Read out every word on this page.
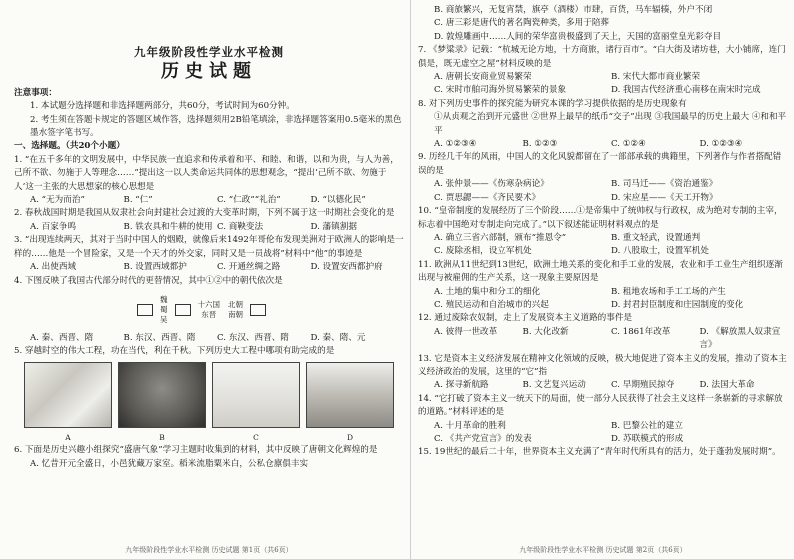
九年级阶段性学业水平检测
历史试题

注意事项：

1. 本试题分选择题和非选择题两部分，共60分，考试时间为60分钟。

2. 考生须在答题卡规定的答题区域作答，选择题须用2B铅笔填涂，非选择题答案用0.5毫米的黑色墨水签字笔书写。

一、选择题。（共20个小题）

1. “在五千多年的文明发展中，中华民族一直追求和传承着和平、和睦、和谐，以和为贵，与人为善，己所不欲、勿施于人等理念……”提出这一以人类命运共同体的思想观念，“提出‘己所不欲、勿施于人’这一主张的大思想家的核心思想是

A. “无为而治”	B. “仁”	C. “仁政”“礼治”	D. “以德化民”

2. 春秋战国时期是我国从奴隶社会向封建社会过渡的大变革时期，下列不属于这一时期社会变化的是

A. 百家争鸣	B. 铁农具和牛耕的使用 C. 商鞅变法	D. 藩镇割据

3. “出现连续两天，其对于当时中国人的烟殿，就像后来1492年哥伦布发现美洲对于欧洲人的影响是一样的……他是一个冒险家，又是一个天才的外交家，同时又是一员战将”材料中“他”的事迹是

A. 出使西域	B. 设置西域都护	C. 开通丝绸之路	D. 设置安西都护府

4. 下图反映了我国古代部分时代的更替情况，其中①②中的朝代依次是

魏
蜀
吴
十六国
东晋
北朝
南朝
A. 秦、西晋、隋	B. 东汉、西晋、隋	C. 东汉、西晋、隋	D. 秦、隋、元

5. 穿越时空的伟大工程，功在当代，利在千秋。下列历史大工程中哪项有助完成的是

A	B	C	D

6. 下面是历史兴趣小组探究“盛唐气象”学习主题时收集到的材料，其中反映了唐朝文化辉煌的是

A. 忆昔开元全盛日，小邑犹藏万家室。稻米流脂粟米白，公私仓廪俱丰实

九年级阶段性学业水平检测 历史试题 第1页（共6页）

B. 商旅繁兴，无复宵禁，旗亭（酒楼）市肆，百货，马车辐辏，外户不闭

C. 唐三彩是唐代的著名陶瓷种类，多用于陪葬

D. 敦煌雕画中……人间的荣华富贵极盛到了天上，天国的富丽堂皇光彩夺目

7. 《梦粱录》记载：“杭城无论方地，十方商旅，诸行百市”。“白大街及诸坊巷，大小铺席，连门俱是，既无虚空之屋”材料反映的是

A. 唐朝长安商业贸易繁荣	B. 宋代大都市商业繁荣
C. 宋时市舶司海外贸易繁荣的景象	D. 我国古代经济重心南移在南宋时完成

8. 对下列历史事件的探究能为研究本课的学习提供依据的是历史现象有

①从贞观之治到开元盛世 ②世界上最早的纸币“交子”出现 ③我国最早的历史上最大 ④和和平平

A. ①②③④	B. ①②③	C. ①②④	D. ①②③④

9. 历经几千年的风雨，中国人的文化风貌都留在了一部部承载的典籍里，下列著作与作者搭配错误的是

A. 张仲景——《伤寒杂病论》	B. 司马迁——《资治通鉴》
C. 贾思勰——《齐民要术》	D. 宋应星——《天工开物》

10. “皇帝制度的发展经历了三个阶段……①是帝集中了统帅权与行政权，成为绝对专制的主宰，标志着中国绝对专制走向完成了。”以下叙述能证明材料观点的是

A. 确立三省六部制，颁布“推恩令”	B. 重文轻武，设置通判
C. 废除丞相，设立军机处	D. 八股取士，设置军机处

11. 欧洲从11世纪到13世纪，欧洲土地关系的变化和手工业的发展，农业和手工业生产组织逐渐出现与被雇佣的生产关系，这一现象主要原因是

A. 土地的集中和分工的细化	B. 租地农场和手工工场的产生
C. 殖民运动和自治城市的兴起	D. 封君封臣制度和庄园制度的变化

12. 通过废除农奴制，走上了发展资本主义道路的事件是

A. 彼得一世改革	B. 大化改新	C. 1861年改革	D. 《解放黑人奴隶宣言》

13. 它是资本主义经济发展在精神文化领域的反映，极大地促进了资本主义的发展，推动了资本主义经济政治的发展，这里的“它”指

A. 探寻新航路	B. 文艺复兴运动	C. 早期殖民掠夺	D. 法国大革命

14. “它打破了资本主义一统天下的局面，使一部分人民获得了社会主义这样一条崭新的寻求解放的道路。”材料评述的是

A. 十月革命的胜利	B. 巴黎公社的建立
C. 《共产党宣言》的发表	D. 苏联模式的形成

15. 19世纪的最后二十年，世界资本主义充满了“青年时代所具有的活力，处于蓬勃发展时期”。

九年级阶段性学业水平检测 历史试题 第2页（共6页）
